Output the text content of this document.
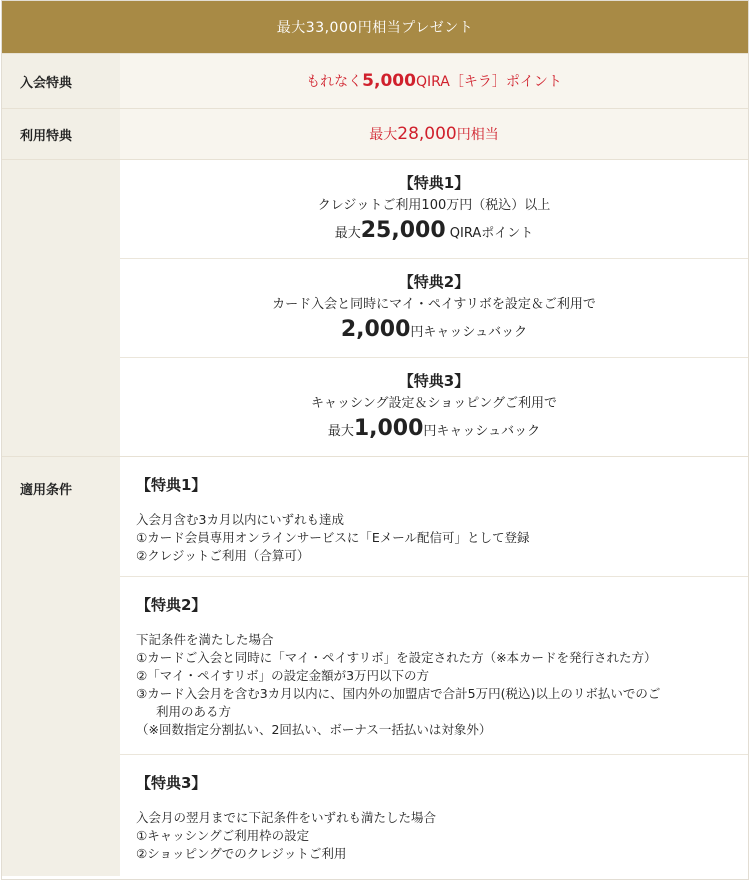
最大33,000円相当プレゼント
入会特典	もれなく 5,000 QIRA［キラ］ポイント
利用特典	最大 28,000 円相当
【特典1】
クレジットご利用100万円（税込）以上
最大25,000 QIRAポイント
【特典2】
カード入会と同時にマイ・ペイすリボを設定＆ご利用で
2,000円キャッシュバック
【特典3】
キャッシング設定＆ショッピングご利用で
最大1,000円キャッシュバック
適用条件	【特典1】
入会月含む3カ月以内にいずれも達成
①カード会員専用オンラインサービスに「Eメール配信可」として登録
②クレジットご利用（合算可）
【特典2】
下記条件を満たした場合
①カードご入会と同時に「マイ・ペイすリボ」を設定された方（※本カードを発行された方）
②「マイ・ペイすリボ」の設定金額が3万円以下の方
③カード入会月を含む3カ月以内に、国内外の加盟店で合計5万円(税込)以上のリボ払いでのご
利用のある方
（※回数指定分割払い、2回払い、ボーナス一括払いは対象外）
【特典3】
入会月の翌月までに下記条件をいずれも満たした場合
①キャッシングご利用枠の設定
②ショッピングでのクレジットご利用
